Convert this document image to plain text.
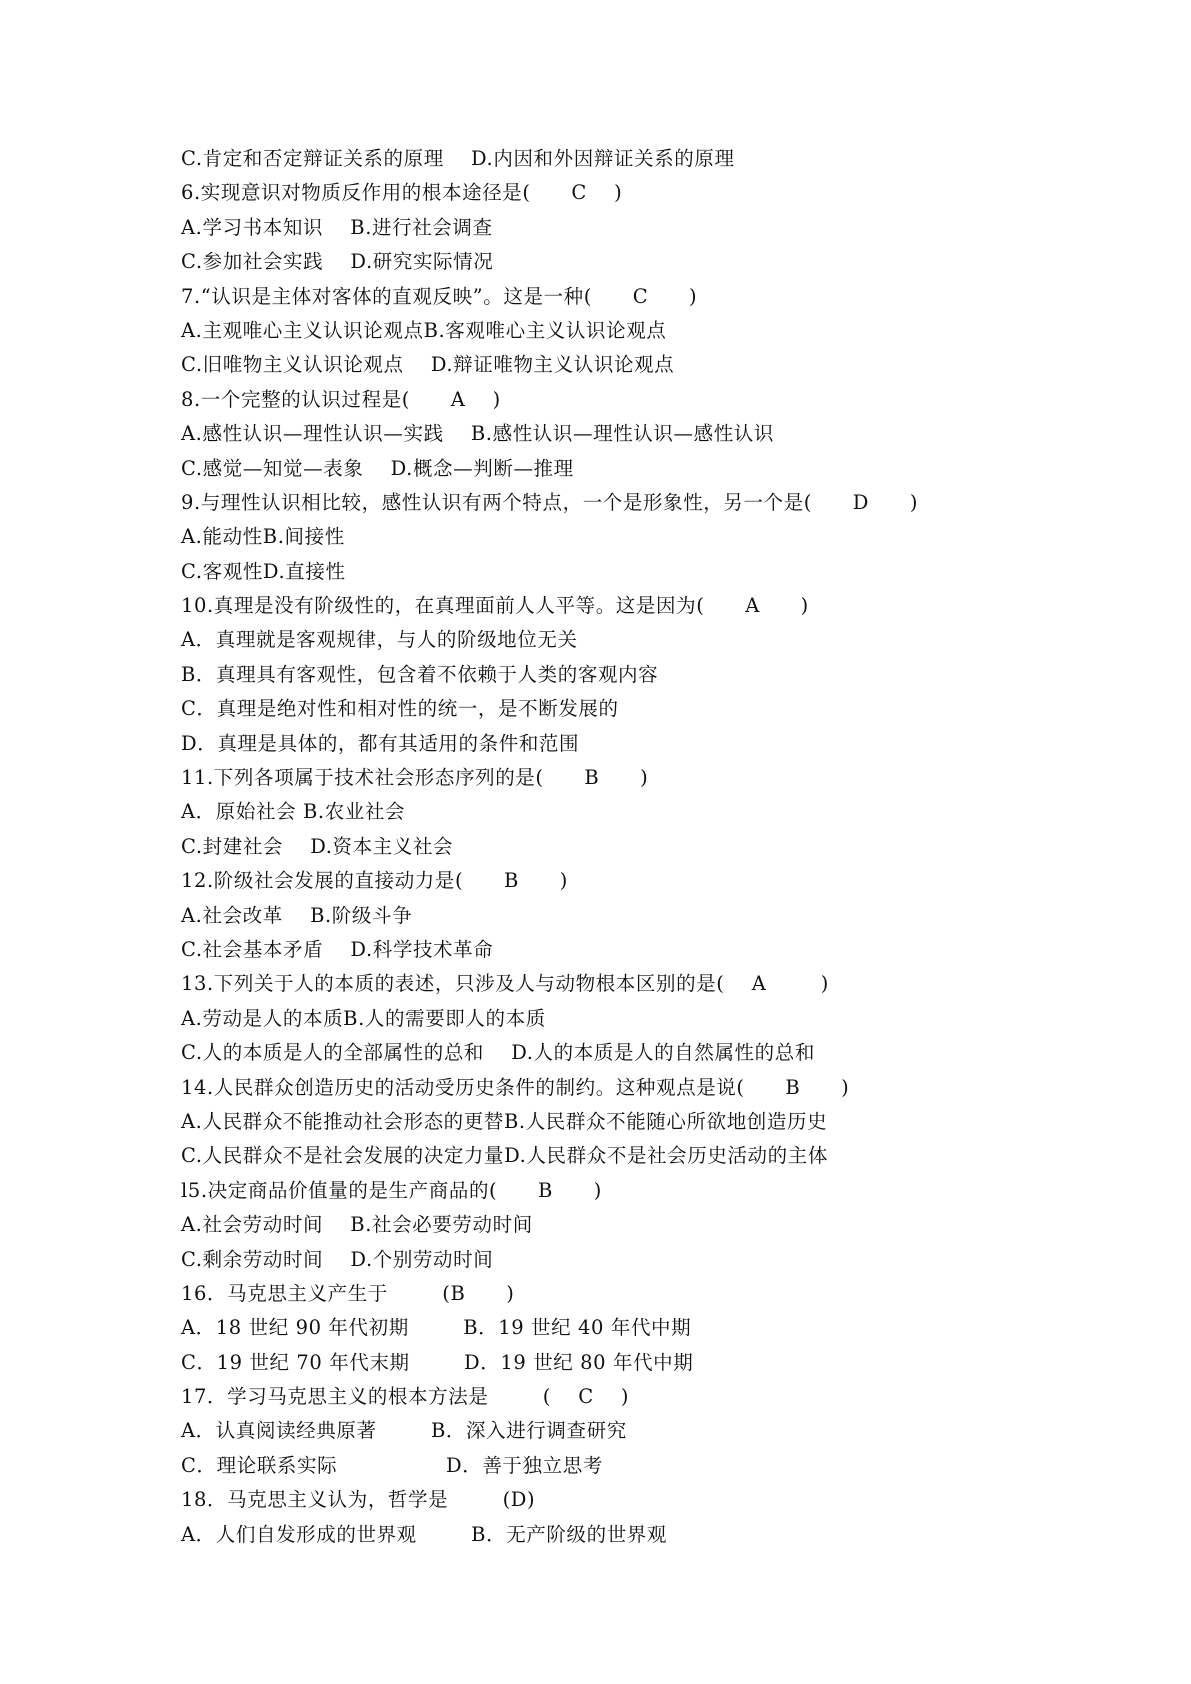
C.肯定和否定辩证关系的原理    D.内因和外因辩证关系的原理
6.实现意识对物质反作用的根本途径是(      C    )
A.学习书本知识    B.进行社会调查
C.参加社会实践    D.研究实际情况
7.“认识是主体对客体的直观反映”。这是一种(      C      )
A.主观唯心主义认识论观点B.客观唯心主义认识论观点
C.旧唯物主义认识论观点    D.辩证唯物主义认识论观点
8.一个完整的认识过程是(      A    )
A.感性认识—理性认识—实践    B.感性认识—理性认识—感性认识
C.感觉—知觉—表象    D.概念—判断—推理
9.与理性认识相比较，感性认识有两个特点，一个是形象性，另一个是(      D      )
A.能动性B.间接性
C.客观性D.直接性
10.真理是没有阶级性的，在真理面前人人平等。这是因为(      A      )
A．真理就是客观规律，与人的阶级地位无关
B．真理具有客观性，包含着不依赖于人类的客观内容
C．真理是绝对性和相对性的统一，是不断发展的
D．真理是具体的，都有其适用的条件和范围
11.下列各项属于技术社会形态序列的是(      B      )
A．原始社会 B.农业社会
C.封建社会    D.资本主义社会
12.阶级社会发展的直接动力是(      B      )
A.社会改革    B.阶级斗争
C.社会基本矛盾    D.科学技术革命
13.下列关于人的本质的表述，只涉及人与动物根本区别的是(    A        )
A.劳动是人的本质B.人的需要即人的本质
C.人的本质是人的全部属性的总和    D.人的本质是人的自然属性的总和
14.人民群众创造历史的活动受历史条件的制约。这种观点是说(      B      )
A.人民群众不能推动社会形态的更替B.人民群众不能随心所欲地创造历史
C.人民群众不是社会发展的决定力量D.人民群众不是社会历史活动的主体
l5.决定商品价值量的是生产商品的(      B      )
A.社会劳动时间    B.社会必要劳动时间
C.剩余劳动时间    D.个别劳动时间
16．马克思主义产生于        (B      )
A．18 世纪 90 年代初期        B．19 世纪 40 年代中期
C．19 世纪 70 年代末期        D．19 世纪 80 年代中期
17．学习马克思主义的根本方法是        (    C    )
A．认真阅读经典原著        B．深入进行调查研究
C．理论联系实际                D．善于独立思考
18．马克思主义认为，哲学是        (D)
A．人们自发形成的世界观        B．无产阶级的世界观
